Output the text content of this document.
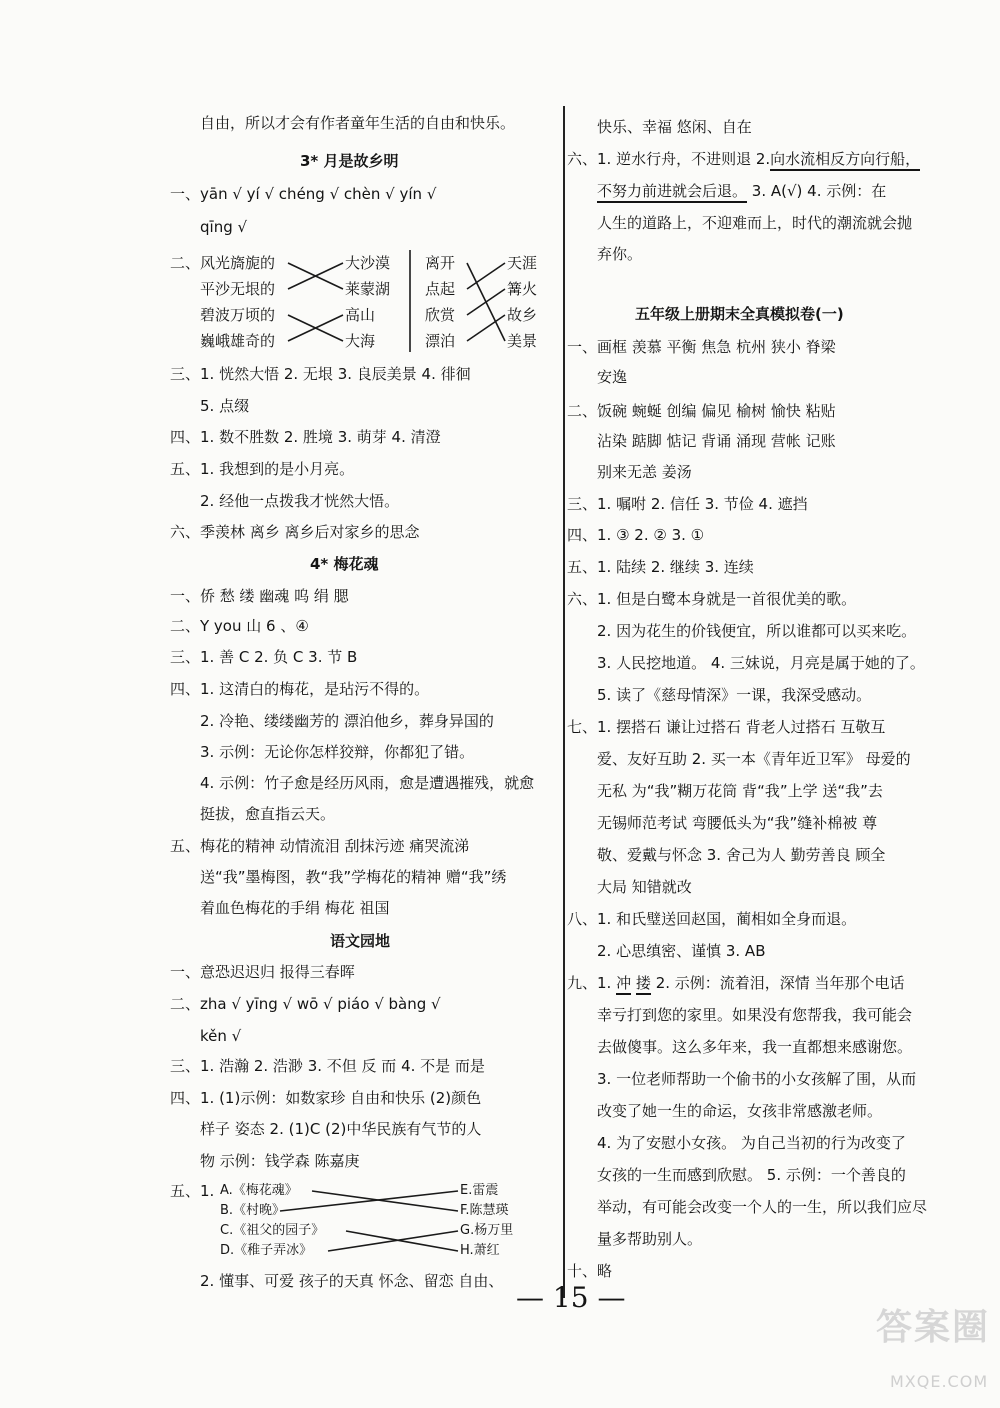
自由，所以才会有作者童年生活的自由和快乐。
3* 月是故乡明
一、yān √ yí √ chéng √ chèn √ yín √
qīng √
二、 风光旖旎的
平沙无垠的
碧波万顷的
巍峨雄奇的
大沙漠
莱蒙湖
高山
大海
离开
点起
欣赏
漂泊
天涯
篝火
故乡
美景
三、1. 恍然大悟 2. 无垠 3. 良辰美景 4. 徘徊
5. 点缀
四、1. 数不胜数 2. 胜境 3. 萌芽 4. 清澄
五、1. 我想到的是小月亮。
2. 经他一点拨我才恍然大悟。
六、季羡林 离乡 离乡后对家乡的思念
4* 梅花魂
一、侨 愁 缕 幽魂 呜 绢 腮
二、Y you 山 6 、④
三、1. 善 C 2. 负 C 3. 节 B
四、1. 这清白的梅花，是玷污不得的。
2. 冷艳、缕缕幽芳的 漂泊他乡，葬身异国的
3. 示例：无论你怎样狡辩，你都犯了错。
4. 示例：竹子愈是经历风雨，愈是遭遇摧残，就愈
挺拔，愈直指云天。
五、梅花的精神 动情流泪 刮抹污迹 痛哭流涕
送“我”墨梅图，教“我”学梅花的精神 赠“我”绣
着血色梅花的手绢 梅花 祖国
语文园地
一、意恐迟迟归 报得三春晖
二、zha √ yīng √ wō √ piáo √ bàng √
kěn √
三、1. 浩瀚 2. 浩渺 3. 不但 反 而 4. 不是 而是
四、1. (1)示例：如数家珍 自由和快乐 (2)颜色
样子 姿态 2. (1)C (2)中华民族有气节的人
物 示例：钱学森 陈嘉庚
五、1. A.《梅花魂》
B.《村晚》
C.《祖父的园子》
D.《稚子弄冰》
E.雷震
F.陈慧瑛
G.杨万里
H.萧红
2. 懂事、可爱 孩子的天真 怀念、留恋 自由、
快乐、幸福 悠闲、自在
六、1. 逆水行舟，不进则退 2.向水流相反方向行船，
不努力前进就会后退。 3. A(√) 4. 示例：在
人生的道路上，不迎难而上，时代的潮流就会抛
弃你。
五年级上册期末全真模拟卷(一)
一、画框 羡慕 平衡 焦急 杭州 狭小 脊梁
安逸
二、饭碗 蜿蜒 创编 偏见 榆树 愉快 粘贴
沾染 踮脚 惦记 背诵 涌现 营帐 记账
别来无恙 姜汤
三、1. 嘱咐 2. 信任 3. 节俭 4. 遮挡
四、1. ③ 2. ② 3. ①
五、1. 陆续 2. 继续 3. 连续
六、1. 但是白鹭本身就是一首很优美的歌。
2. 因为花生的价钱便宜，所以谁都可以买来吃。
3. 人民挖地道。 4. 三妹说，月亮是属于她的了。
5. 读了《慈母情深》一课，我深受感动。
七、1. 摆搭石 谦让过搭石 背老人过搭石 互敬互
爱、友好互助 2. 买一本《青年近卫军》 母爱的
无私 为“我”糊万花筒 背“我”上学 送“我”去
无锡师范考试 弯腰低头为“我”缝补棉被 尊
敬、爱戴与怀念 3. 舍己为人 勤劳善良 顾全
大局 知错就改
八、1. 和氏璧送回赵国，蔺相如全身而退。
2. 心思缜密、谨慎 3. AB
九、1. 冲 搂 2. 示例：流着泪，深情 当年那个电话
幸亏打到您的家里。如果没有您帮我，我可能会
去做傻事。这么多年来，我一直都想来感谢您。
3. 一位老师帮助一个偷书的小女孩解了围，从而
改变了她一生的命运，女孩非常感激老师。
4. 为了安慰小女孩。 为自己当初的行为改变了
女孩的一生而感到欣慰。 5. 示例：一个善良的
举动，有可能会改变一个人的一生，所以我们应尽
量多帮助别人。
十、略
— 15 —
答案圈
MXQE.COM
